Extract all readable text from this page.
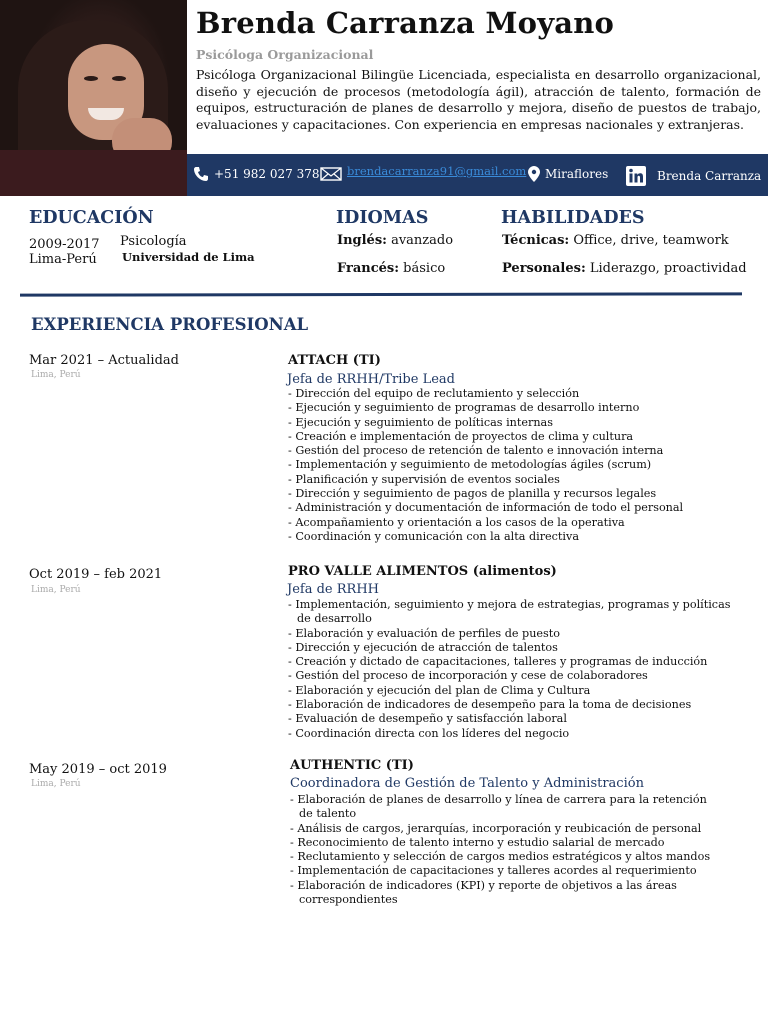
Brenda Carranza Moyano
Psicóloga Organizacional
Psicóloga Organizacional Bilingüe Licenciada, especialista en desarrollo organizacional, diseño y ejecución de procesos (metodología ágil), atracción de talento, formación de equipos, estructuración de planes de desarrollo y mejora, diseño de puestos de trabajo, evaluaciones y capacitaciones. Con experiencia en empresas nacionales y extranjeras.
+51 982 027 378 brendacarranza91@gmail.com Miraflores	Brenda Carranza
EDUCACIÓN
2009-2017
Lima-Perú
Psicología
Universidad de Lima
IDIOMAS
Inglés: avanzado
Francés: básico
HABILIDADES
Técnicas: Office, drive, teamwork
Personales: Liderazgo, proactividad
EXPERIENCIA PROFESIONAL
Mar 2021 – Actualidad
Lima, Perú
ATTACH (TI)
Jefa de RRHH/Tribe Lead
- Dirección del equipo de reclutamiento y selección
- Ejecución y seguimiento de programas de desarrollo interno
- Ejecución y seguimiento de políticas internas
- Creación e implementación de proyectos de clima y cultura
- Gestión del proceso de retención de talento e innovación interna
- Implementación y seguimiento de metodologías ágiles (scrum)
- Planificación y supervisión de eventos sociales
- Dirección y seguimiento de pagos de planilla y recursos legales
- Administración y documentación de información de todo el personal
- Acompañamiento y orientación a los casos de la operativa
- Coordinación y comunicación con la alta directiva
Oct 2019 – feb 2021
Lima, Perú
PRO VALLE ALIMENTOS (alimentos)
Jefa de RRHH
- Implementación, seguimiento y mejora de estrategias, programas y políticas de desarrollo
- Elaboración y evaluación de perfiles de puesto
- Dirección y ejecución de atracción de talentos
- Creación y dictado de capacitaciones, talleres y programas de inducción
- Gestión del proceso de incorporación y cese de colaboradores
- Elaboración y ejecución del plan de Clima y Cultura
- Elaboración de indicadores de desempeño para la toma de decisiones
- Evaluación de desempeño y satisfacción laboral
- Coordinación directa con los líderes del negocio
May 2019 – oct 2019
Lima, Perú
AUTHENTIC (TI)
Coordinadora de Gestión de Talento y Administración
- Elaboración de planes de desarrollo y línea de carrera para la retención de talento
- Análisis de cargos, jerarquías, incorporación y reubicación de personal
- Reconocimiento de talento interno y estudio salarial de mercado
- Reclutamiento y selección de cargos medios estratégicos y altos mandos
- Implementación de capacitaciones y talleres acordes al requerimiento
- Elaboración de indicadores (KPI) y reporte de objetivos a las áreas correspondientes
